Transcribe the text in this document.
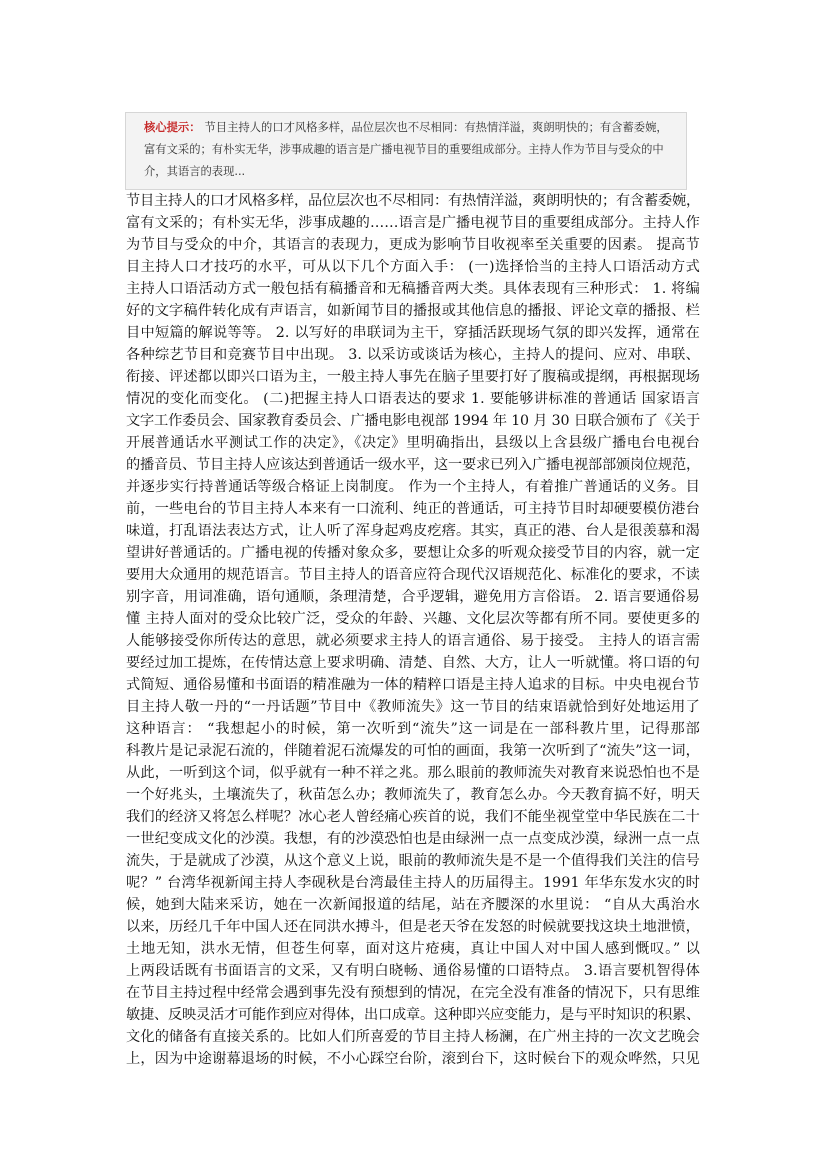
核心提示： 节目主持人的口才风格多样，品位层次也不尽相同：有热情洋溢，爽朗明快的；有含蓄委婉，富有文采的；有朴实无华，涉事成趣的语言是广播电视节目的重要组成部分。主持人作为节目与受众的中介，其语言的表现...

节目主持人的口才风格多样，品位层次也不尽相同：有热情洋溢，爽朗明快的；有含蓄委婉，

富有文采的；有朴实无华，涉事成趣的……语言是广播电视节目的重要组成部分。主持人作

为节目与受众的中介，其语言的表现力，更成为影响节目收视率至关重要的因素。 提高节

目主持人口才技巧的水平，可从以下几个方面入手： (一)选择恰当的主持人口语活动方式

主持人口语活动方式一般包括有稿播音和无稿播音两大类。具体表现有三种形式： 1. 将编

好的文字稿件转化成有声语言，如新闻节目的播报或其他信息的播报、评论文章的播报、栏

目中短篇的解说等等。 2. 以写好的串联词为主干，穿插活跃现场气氛的即兴发挥，通常在

各种综艺节目和竞赛节目中出现。 3. 以采访或谈话为核心，主持人的提问、应对、串联、

衔接、评述都以即兴口语为主，一般主持人事先在脑子里要打好了腹稿或提纲，再根据现场

情况的变化而变化。 (二)把握主持人口语表达的要求 1. 要能够讲标准的普通话 国家语言

文字工作委员会、国家教育委员会、广播电影电视部 1994 年 10 月 30 日联合颁布了《关于

开展普通话水平测试工作的决定》，《决定》里明确指出，县级以上含县级广播电台电视台

的播音员、节目主持人应该达到普通话一级水平，这一要求已列入广播电视部部颁岗位规范，

并逐步实行持普通话等级合格证上岗制度。 作为一个主持人，有着推广普通话的义务。目

前，一些电台的节目主持人本来有一口流利、纯正的普通话，可主持节目时却硬要模仿港台

味道，打乱语法表达方式，让人听了浑身起鸡皮疙瘩。其实，真正的港、台人是很羡慕和渴

望讲好普通话的。广播电视的传播对象众多，要想让众多的听观众接受节目的内容，就一定

要用大众通用的规范语言。节目主持人的语音应符合现代汉语规范化、标准化的要求，不读

别字音，用词准确，语句通顺，条理清楚，合乎逻辑，避免用方言俗语。 2. 语言要通俗易

懂 主持人面对的受众比较广泛，受众的年龄、兴趣、文化层次等都有所不同。要使更多的

人能够接受你所传达的意思，就必须要求主持人的语言通俗、易于接受。 主持人的语言需

要经过加工提炼，在传情达意上要求明确、清楚、自然、大方，让人一听就懂。将口语的句

式简短、通俗易懂和书面语的精准融为一体的精粹口语是主持人追求的目标。中央电视台节

目主持人敬一丹的“一丹话题”节目中《教师流失》这一节目的结束语就恰到好处地运用了

这种语言： “我想起小的时候，第一次听到“流失”这一词是在一部科教片里，记得那部

科教片是记录泥石流的，伴随着泥石流爆发的可怕的画面，我第一次听到了“流失”这一词，

从此，一听到这个词，似乎就有一种不祥之兆。那么眼前的教师流失对教育来说恐怕也不是

一个好兆头，土壤流失了，秋苗怎么办；教师流失了，教育怎么办。今天教育搞不好，明天

我们的经济又将怎么样呢？冰心老人曾经痛心疾首的说，我们不能坐视堂堂中华民族在二十

一世纪变成文化的沙漠。我想，有的沙漠恐怕也是由绿洲一点一点变成沙漠，绿洲一点一点

流失，于是就成了沙漠，从这个意义上说，眼前的教师流失是不是一个值得我们关注的信号

呢？” 台湾华视新闻主持人李砚秋是台湾最佳主持人的历届得主。1991 年华东发水灾的时

候，她到大陆来采访，她在一次新闻报道的结尾，站在齐腰深的水里说： “自从大禹治水

以来，历经几千年中国人还在同洪水搏斗，但是老天爷在发怒的时候就要找这块土地泄愤，

土地无知，洪水无情，但苍生何辜，面对这片疮痍，真让中国人对中国人感到慨叹。” 以

上两段话既有书面语言的文采，又有明白晓畅、通俗易懂的口语特点。 3.语言要机智得体

在节目主持过程中经常会遇到事先没有预想到的情况，在完全没有准备的情况下，只有思维

敏捷、反映灵活才可能作到应对得体，出口成章。这种即兴应变能力，是与平时知识的积累、

文化的储备有直接关系的。比如人们所喜爱的节目主持人杨澜，在广州主持的一次文艺晚会

上，因为中途谢幕退场的时候，不小心踩空台阶，滚到台下，这时候台下的观众哗然，只见
